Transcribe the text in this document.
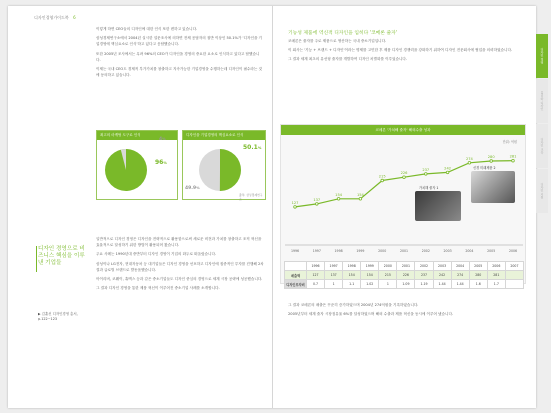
디자인경영가이드북 6

이렇게 하면 CEO들의 디자인에 대한 인식 또한 변하고 있습니다.

삼성경제연구소에서 2004년 실시한 설문조사에 의하면 전체 응답자의 절반 이상인 50.1%가 '디자인을 기업경영에 핵심요소로 인식'하고 있다고 응답했습니다.

또한 2005년 조사에서는 무려 96%의 CEO가 디자인을 경영의 중요한 요소로 인식하고 있다고 답했습니다.

이제는 국내 CEO도 경제적 부가가치를 창출하고 지속가능한 기업경영을 수행하는데 디자인이 필수라는 것에 동의하고 있습니다.

최고의 마케팅 도구로 인식
96%
4%
디자인을 기업경영의 핵심요소로 인식
50.1%
49.9%
출처: 삼성경제연구소
디자인 경영으로 비즈니스 핵심을 이루낸 기업들

일반적으로 디자인 경영은 디자인을 전략적으로 활용함으로써 새로운 비전과 가치를 창출하고 조직 혁신을 효율적으로 달성하기 위한 방법이 활용되어 왔습니다.

주요 사례는 1990년대 중반부터 디자인 경영이 기업의 화두로 떠올랐습니다.

삼성이나 LG전자, 현대자동차 등 대기업들은 디자인 경영을 선포하고 디자인에 집중적인 투자를 진행해 2차 결과 글로벌 브랜드로 발돋움했습니다.

아이리버, 코웨이, 휴맥스 등과 같은 중소기업들도 디자인 중심의 경영으로 세계 시장 공략에 성공했습니다.

그 결과 디자인 경영을 통한 제품 혁신이 이루어진 중소기업 사례를 소개합니다.

▶ 김훈신 디자인경영 총서, p.122~123

기능성 제품에 역신적 디자인을 입히다 '코메론 줄자'

코메론은 줄자를 주로 제품으로 생산하는 국내 중소기업입니다.

이 회사는 '기능 + 브랜드 + 디자인'이라는 명제를 고민한 후 제품 디자인 경쟁력을 강화하기 위하여 디자인 전문회사에 협업을 의뢰하였습니다.

그 결과 세계 최초의 유선형 줄자를 개발하여 디자인 차별화를 이루었습니다.

코메론 '가치해 줄자' 해외수출 성과
단위: 억원
127
1996
137
1997
154
1998
154
1999
215
2000
226
2001
237
2002
242
2003
274
2004
280
2005
281
2006
가치해 줄자 1
신경 미래제품 2
	1996	1997	1998	1999	2000	2001	2002	2003	2004	2005	2006	2007
매출액	127	137	154	154	215	226	237	242	274	280	281	
디자인투자비	0.7	1	1.1	1.02	1	1.09	1.19	1.44	1.44	1.6	1.7	

그 결과 코메론의 매출은 꾸준히 증가하였으며 2004년 274억원을 기록하였습니다.

2005년부터 세계 줄자 시장점유율 6%를 달성하였으며 해외 수출과 제품 혁신을 동시에 이루어 냈습니다.

디자인 경영
CEO와 디자인
디자인 교육
디자인 지원
